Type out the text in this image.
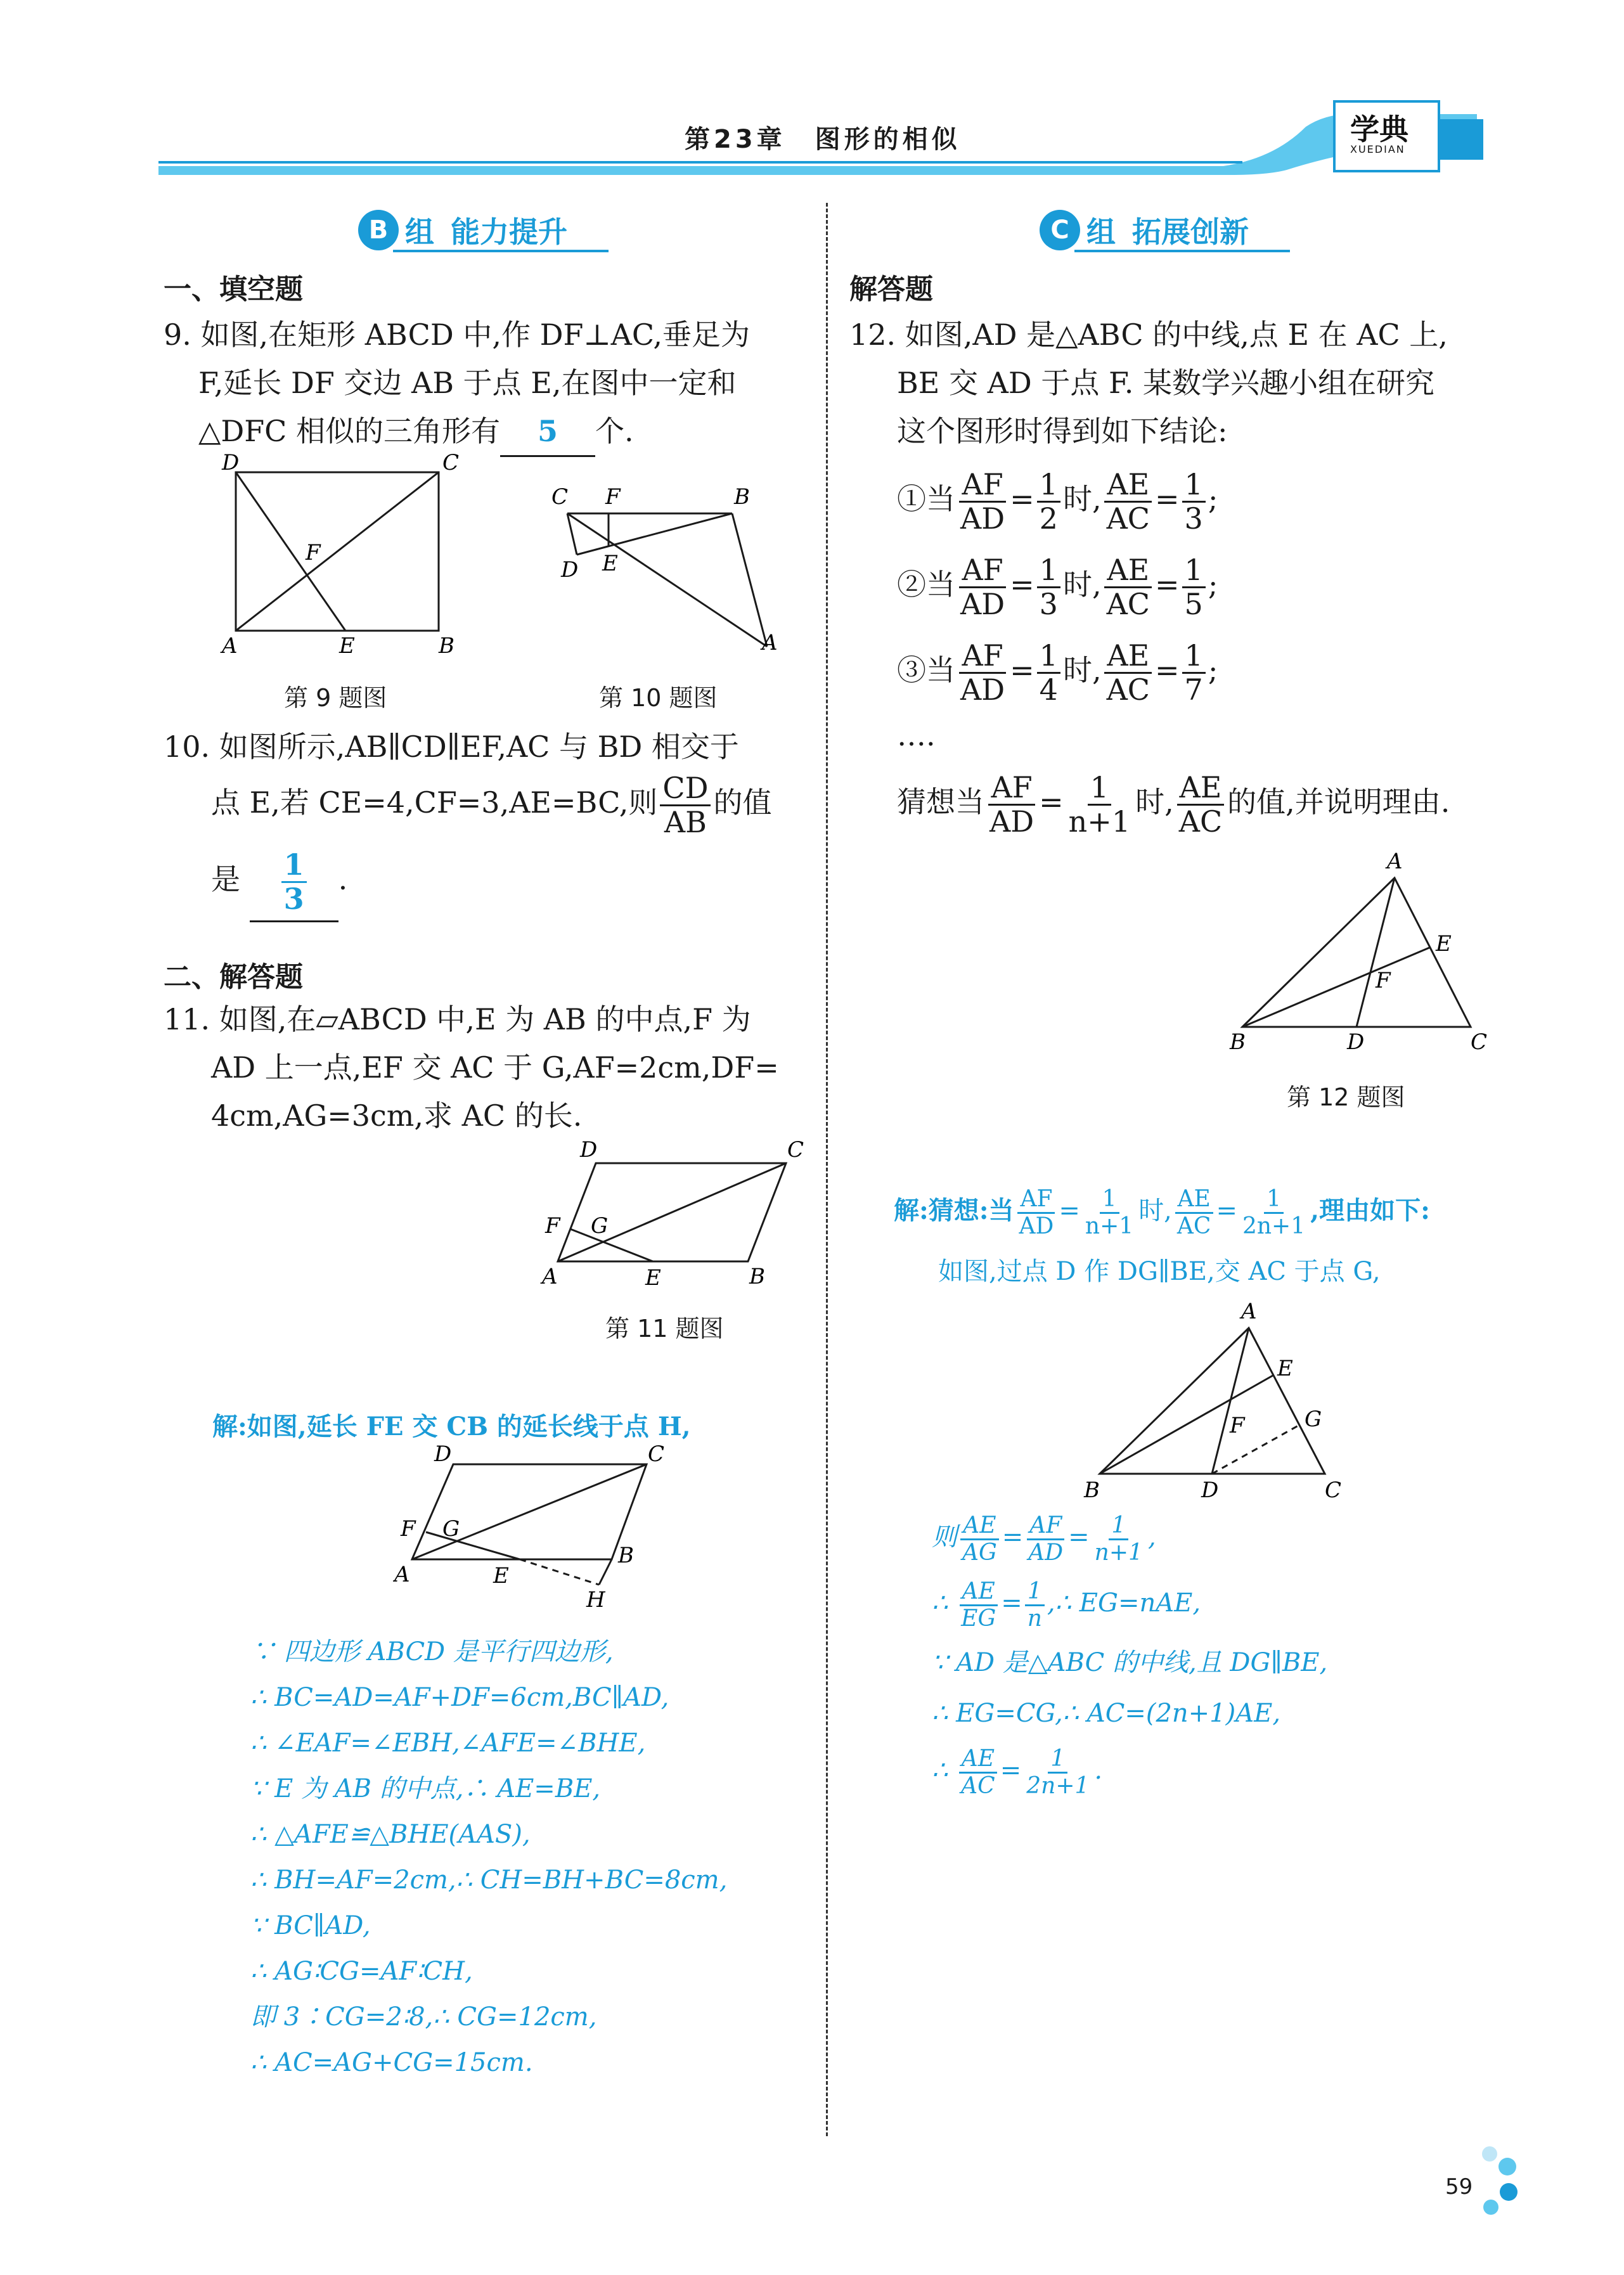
第23章　图形的相似	学典
XUEDIAN
B 组 能力提升
一、填空题
9. 如图,在矩形 ABCD 中,作 DF⊥AC,垂足为
F,延长 DF 交边 AB 于点 E,在图中一定和
△DFC 相似的三角形有 5 个.
D	C
F
A	E	B
第 9 题图
C F	B
D E
A
第 10 题图
10. 如图所示,AB∥CD∥EF,AC 与 BD 相交于
点 E,若 CE=4,CF=3,AE=BC,则 $\frac{CD}{AB}$ 的值
是 $\frac{1}{3}$ .
二、解答题
11. 如图,在▱ABCD 中,E 为 AB 的中点,F 为
AD 上一点,EF 交 AC 于 G,AF=2cm,DF=
4cm,AG=3cm,求 AC 的长.
D	C
F G
A	E	B
第 11 题图
解:如图,延长 FE 交 CB 的延长线于点 H,
D	C
F G
A	E
B
H
∵ 四边形 ABCD 是平行四边形,
∴ BC=AD=AF+DF=6cm,BC∥AD,
∴ ∠EAF=∠EBH,∠AFE=∠BHE,
∵ E 为 AB 的中点,∴ AE=BE,
∴ △AFE≌△BHE(AAS),
∴ BH=AF=2cm,∴ CH=BH+BC=8cm,
∵ BC∥AD,
∴ AG∶CG=AF∶CH,
即 3∶CG=2∶8,∴ CG=12cm,
∴ AC=AG+CG=15cm.
C 组 拓展创新
解答题
12. 如图,AD 是△ABC 的中线,点 E 在 AC 上,
BE 交 AD 于点 F. 某数学兴趣小组在研究
这个图形时得到如下结论:
①当 $\frac{AF}{AD} = \frac{1}{2}$ 时, $\frac{AE}{AC} = \frac{1}{3}$ ;
②当 $\frac{AF}{AD} = \frac{1}{3}$ 时, $\frac{AE}{AC} = \frac{1}{5}$ ;
③当 $\frac{AF}{AD} = \frac{1}{4}$ 时, $\frac{AE}{AC} = \frac{1}{7}$ ;
….
猜想当 $\frac{AF}{AD} = \frac{1}{n+1}$ 时, $\frac{AE}{AC}$ 的值,并说明理由.
A
E
F
B	D	C
第 12 题图
解:猜想:当 $\frac{AF}{AD} = \frac{1}{n+1}$ 时, $\frac{AE}{AC} = \frac{1}{2n+1}$ ,理由如下:
如图,过点 D 作 DG∥BE,交 AC 于点 G,
A
E
F	G
B	D	C
则 $\frac{AE}{AG} = \frac{AF}{AD} = \frac{1}{n+1}$ ,
∴ $\frac{AE}{EG} = \frac{1}{n}$ ,∴ EG=nAE,
∵ AD 是△ABC 的中线,且 DG∥BE,
∴ EG=CG,∴ AC=(2n+1)AE,
∴ $\frac{AE}{AC} = \frac{1}{2n+1}$ .
59
